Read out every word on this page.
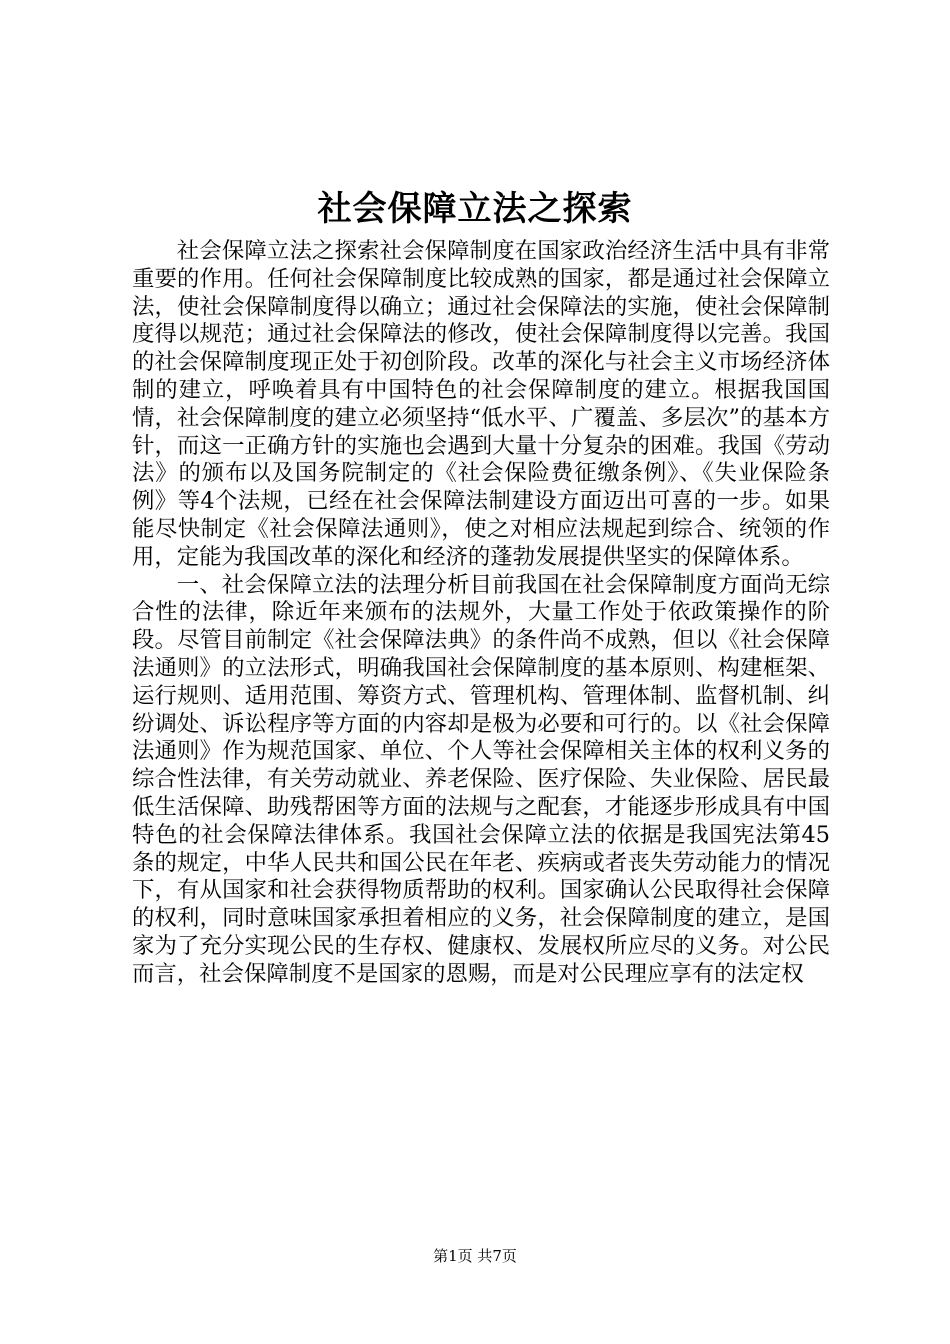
社会保障立法之探索

社会保障立法之探索社会保障制度在国家政治经济生活中具有非常重要的作用。任何社会保障制度比较成熟的国家，都是通过社会保障立法，使社会保障制度得以确立；通过社会保障法的实施，使社会保障制度得以规范；通过社会保障法的修改，使社会保障制度得以完善。我国的社会保障制度现正处于初创阶段。改革的深化与社会主义市场经济体制的建立，呼唤着具有中国特色的社会保障制度的建立。根据我国国情，社会保障制度的建立必须坚持“低水平、广覆盖、多层次”的基本方针，而这一正确方针的实施也会遇到大量十分复杂的困难。我国《劳动法》的颁布以及国务院制定的《社会保险费征缴条例》、《失业保险条例》等4个法规，已经在社会保障法制建设方面迈出可喜的一步。如果能尽快制定《社会保障法通则》，使之对相应法规起到综合、统领的作用，定能为我国改革的深化和经济的蓬勃发展提供坚实的保障体系。

一、社会保障立法的法理分析目前我国在社会保障制度方面尚无综合性的法律，除近年来颁布的法规外，大量工作处于依政策操作的阶段。尽管目前制定《社会保障法典》的条件尚不成熟，但以《社会保障法通则》的立法形式，明确我国社会保障制度的基本原则、构建框架、运行规则、适用范围、筹资方式、管理机构、管理体制、监督机制、纠纷调处、诉讼程序等方面的内容却是极为必要和可行的。以《社会保障法通则》作为规范国家、单位、个人等社会保障相关主体的权利义务的综合性法律，有关劳动就业、养老保险、医疗保险、失业保险、居民最低生活保障、助残帮困等方面的法规与之配套，才能逐步形成具有中国特色的社会保障法律体系。我国社会保障立法的依据是我国宪法第45条的规定，中华人民共和国公民在年老、疾病或者丧失劳动能力的情况下，有从国家和社会获得物质帮助的权利。国家确认公民取得社会保障的权利，同时意味国家承担着相应的义务，社会保障制度的建立，是国家为了充分实现公民的生存权、健康权、发展权所应尽的义务。对公民而言，社会保障制度不是国家的恩赐，而是对公民理应享有的法定权

第1页 共7页
